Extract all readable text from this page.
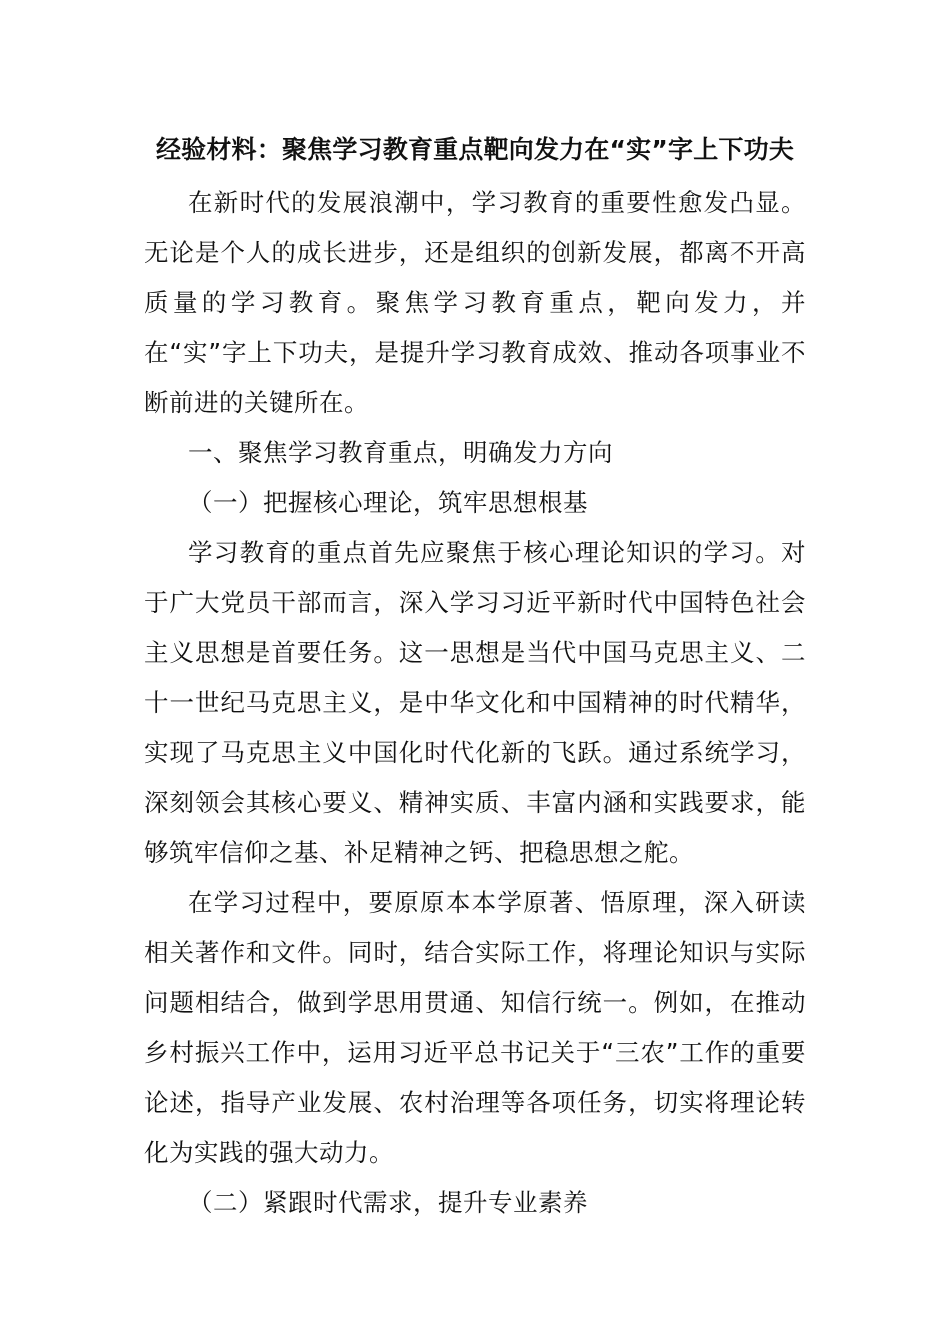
经验材料：聚焦学习教育重点靶向发力在“实”字上下功夫

在新时代的发展浪潮中，学习教育的重要性愈发凸显。无论是个人的成长进步，还是组织的创新发展，都离不开高质量的学习教育。聚焦学习教育重点，靶向发力，并在“实”字上下功夫，是提升学习教育成效、推动各项事业不断前进的关键所在。

一、聚焦学习教育重点，明确发力方向

（一）把握核心理论，筑牢思想根基

学习教育的重点首先应聚焦于核心理论知识的学习。对于广大党员干部而言，深入学习习近平新时代中国特色社会主义思想是首要任务。这一思想是当代中国马克思主义、二十一世纪马克思主义，是中华文化和中国精神的时代精华，实现了马克思主义中国化时代化新的飞跃。通过系统学习，深刻领会其核心要义、精神实质、丰富内涵和实践要求，能够筑牢信仰之基、补足精神之钙、把稳思想之舵。

在学习过程中，要原原本本学原著、悟原理，深入研读相关著作和文件。同时，结合实际工作，将理论知识与实际问题相结合，做到学思用贯通、知信行统一。例如，在推动乡村振兴工作中，运用习近平总书记关于“三农”工作的重要论述，指导产业发展、农村治理等各项任务，切实将理论转化为实践的强大动力。

（二）紧跟时代需求，提升专业素养
